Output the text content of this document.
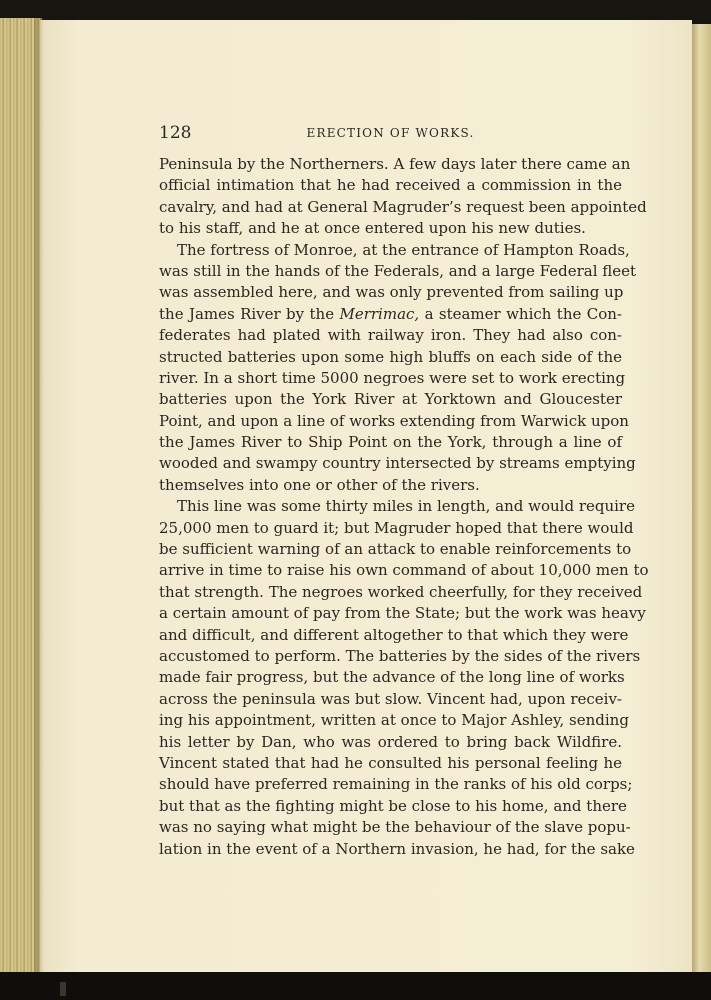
128	ERECTION OF WORKS.
Peninsula by the Northerners. A few days later there came an
official intimation that he had received a commission in the
cavalry, and had at General Magruder’s request been appointed
to his staff, and he at once entered upon his new duties.
The fortress of Monroe, at the entrance of Hampton Roads,
was still in the hands of the Federals, and a large Federal fleet
was assembled here, and was only prevented from sailing up
the James River by the Merrimac, a steamer which the Con-
federates had plated with railway iron. They had also con-
structed batteries upon some high bluffs on each side of the
river. In a short time 5000 negroes were set to work erecting
batteries upon the York River at Yorktown and Gloucester
Point, and upon a line of works extending from Warwick upon
the James River to Ship Point on the York, through a line of
wooded and swampy country intersected by streams emptying
themselves into one or other of the rivers.
This line was some thirty miles in length, and would require
25,000 men to guard it; but Magruder hoped that there would
be sufficient warning of an attack to enable reinforcements to
arrive in time to raise his own command of about 10,000 men to
that strength. The negroes worked cheerfully, for they received
a certain amount of pay from the State; but the work was heavy
and difficult, and different altogether to that which they were
accustomed to perform. The batteries by the sides of the rivers
made fair progress, but the advance of the long line of works
across the peninsula was but slow. Vincent had, upon receiv-
ing his appointment, written at once to Major Ashley, sending
his letter by Dan, who was ordered to bring back Wildfire.
Vincent stated that had he consulted his personal feeling he
should have preferred remaining in the ranks of his old corps;
but that as the fighting might be close to his home, and there
was no saying what might be the behaviour of the slave popu-
lation in the event of a Northern invasion, he had, for the sake
